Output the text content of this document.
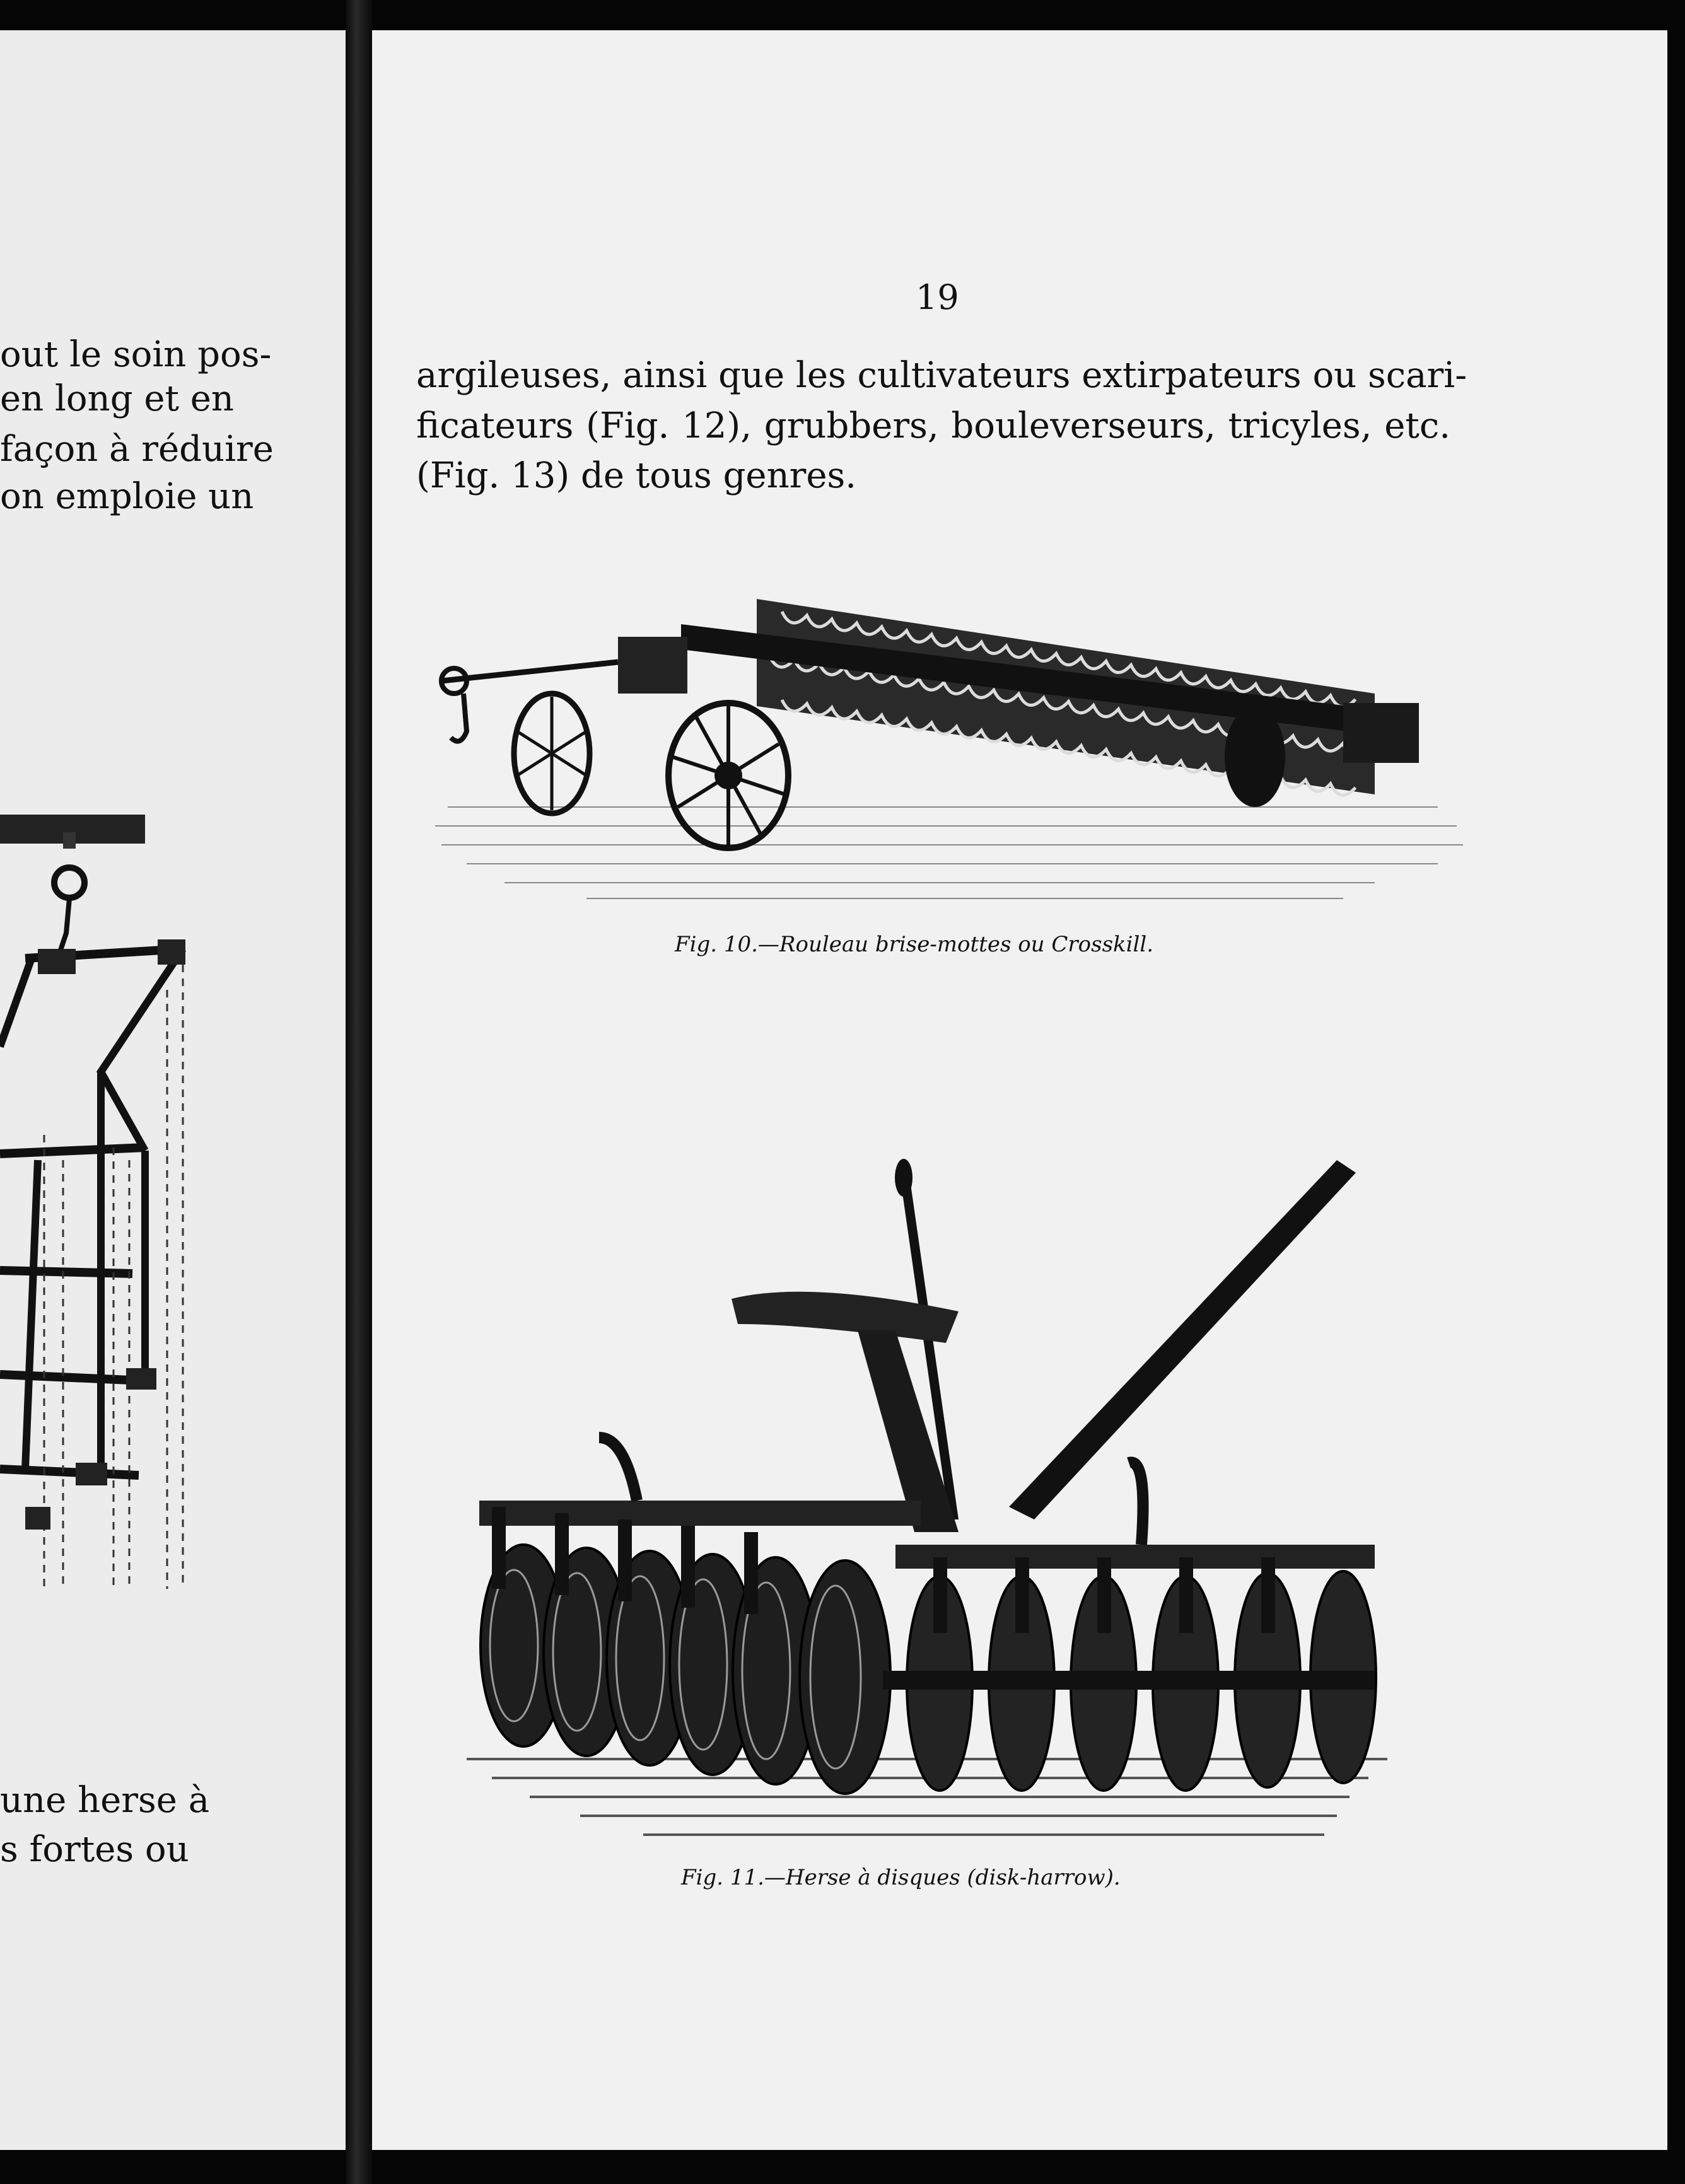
out le soin pos-
en long et en
façon à réduire
on emploie un
une herse à
s fortes ou
19
argileuses, ainsi que les cultivateurs extirpateurs ou scari-
ficateurs (Fig. 12), grubbers, bouleverseurs, tricyles, etc.
(Fig. 13) de tous genres.
Fig. 10.—Rouleau brise-mottes ou Crosskill.
Fig. 11.—Herse à disques (disk-harrow).
